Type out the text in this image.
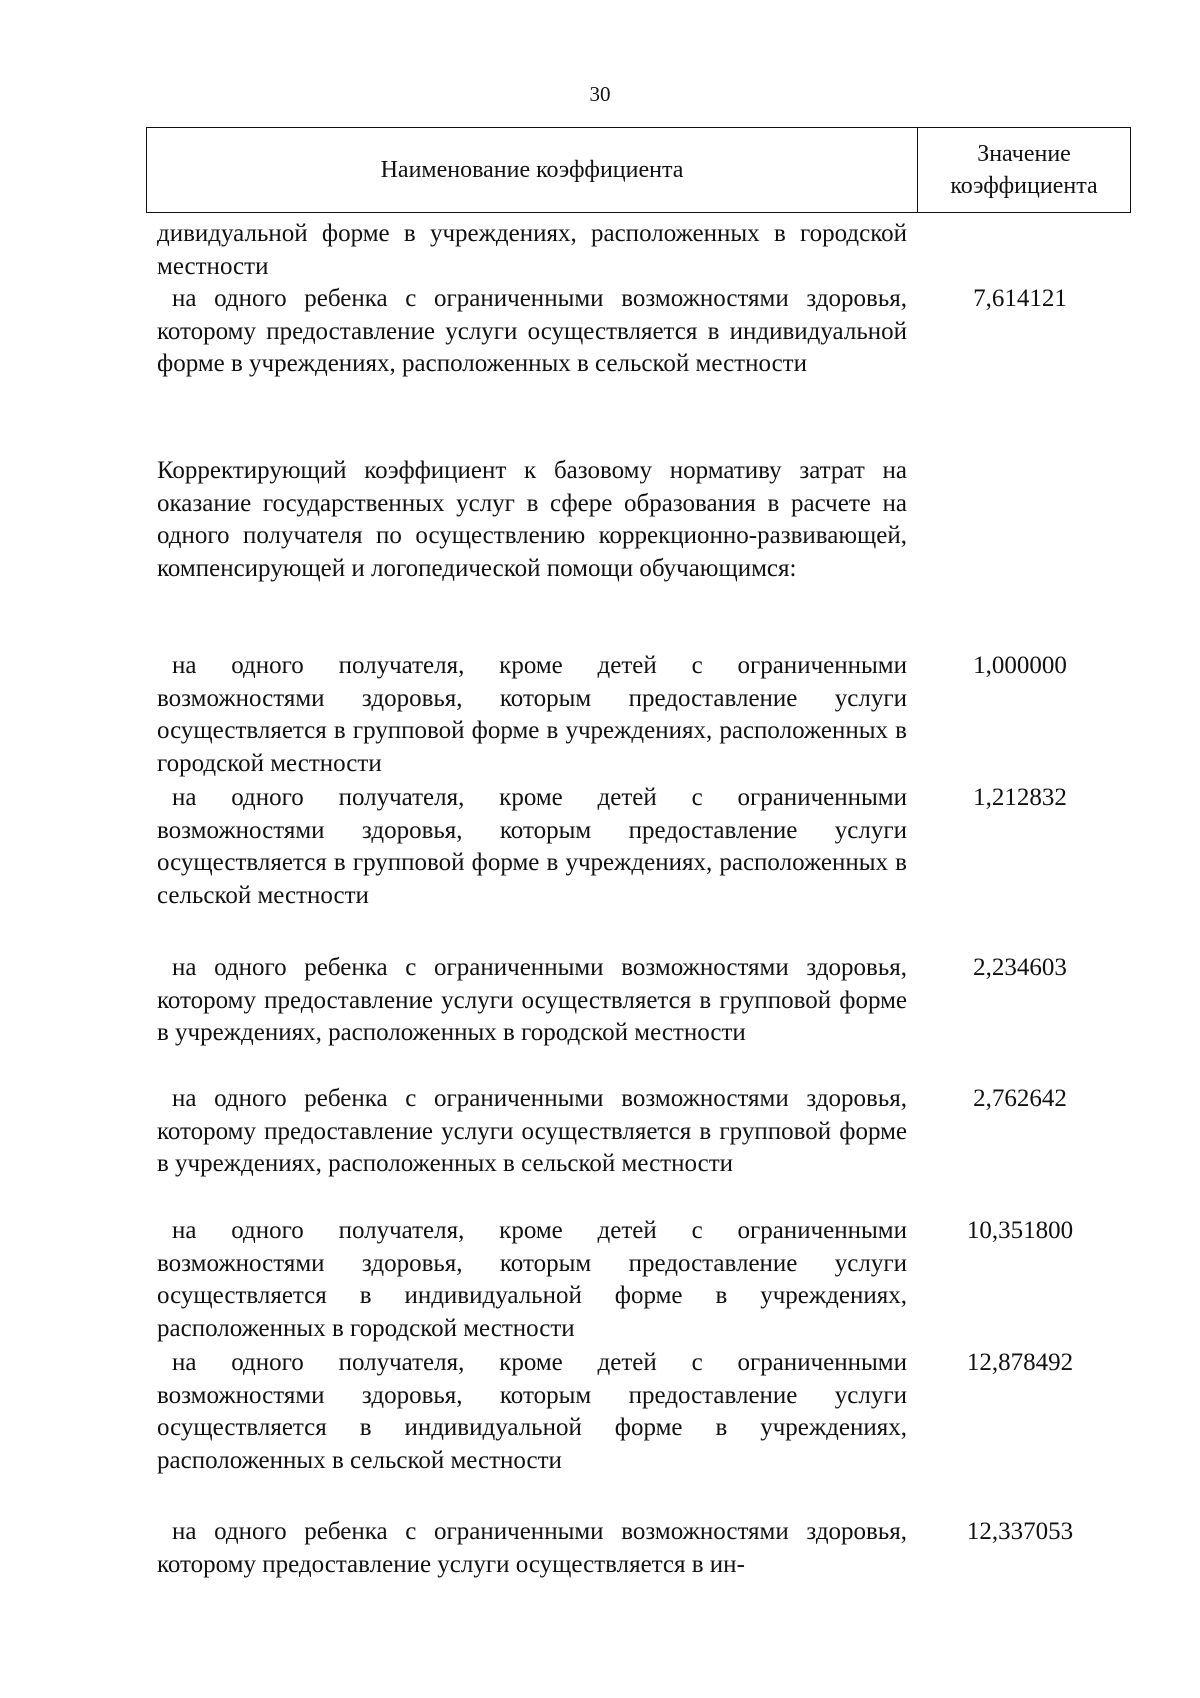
30
Наименование коэффициента
Значение
коэффициента
дивидуальной форме в учреждениях, расположенных в городской местности
на одного ребенка с ограниченными возможностями здоровья, которому предоставление услуги осуществляется в индивидуальной форме в учреждениях, расположенных в сельской местности
7,614121
Корректирующий коэффициент к базовому нормативу затрат на оказание государственных услуг в сфере образования в расчете на одного получателя по осуществлению коррекционно-развивающей, компенсирующей и логопедической помощи обучающимся:
на одного получателя, кроме детей с ограниченными возможностями здоровья, которым предоставление услуги осуществляется в групповой форме в учреждениях, расположенных в городской местности
1,000000
на одного получателя, кроме детей с ограниченными возможностями здоровья, которым предоставление услуги осуществляется в групповой форме в учреждениях, расположенных в сельской местности
1,212832
на одного ребенка с ограниченными возможностями здоровья, которому предоставление услуги осуществляется в групповой форме в учреждениях, расположенных в городской местности
2,234603
на одного ребенка с ограниченными возможностями здоровья, которому предоставление услуги осуществляется в групповой форме в учреждениях, расположенных в сельской местности
2,762642
на одного получателя, кроме детей с ограниченными возможностями здоровья, которым предоставление услуги осуществляется в индивидуальной форме в учреждениях, расположенных в городской местности
10,351800
на одного получателя, кроме детей с ограниченными возможностями здоровья, которым предоставление услуги осуществляется в индивидуальной форме в учреждениях, расположенных в сельской местности
12,878492
на одного ребенка с ограниченными возможностями здоровья, которому предоставление услуги осуществляется в ин-
12,337053
